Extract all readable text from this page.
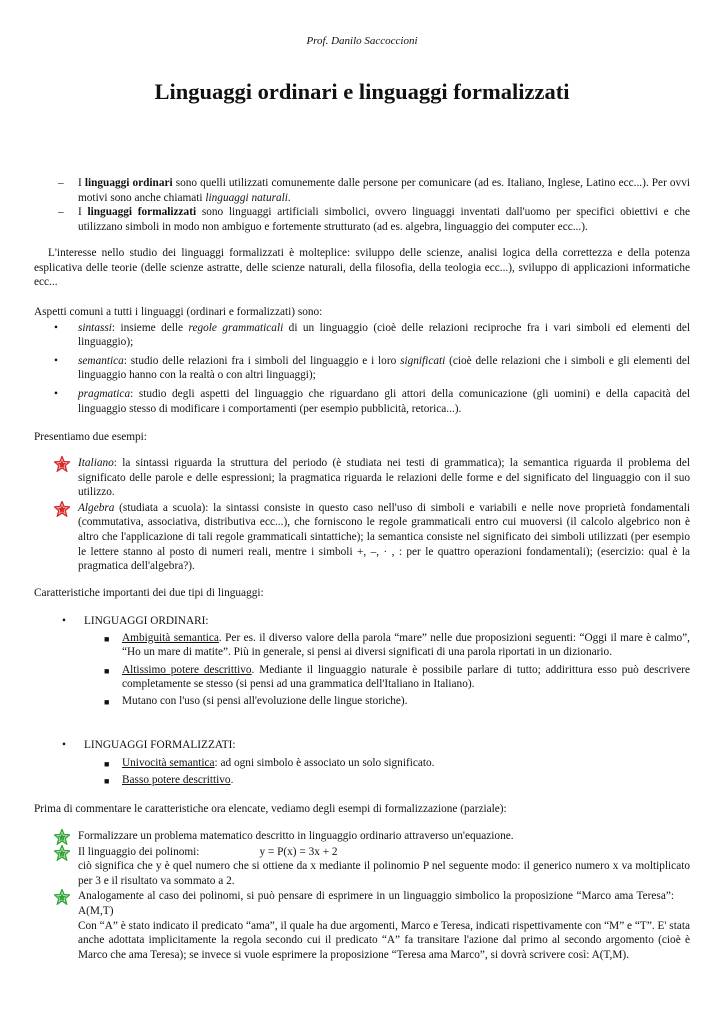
Prof. Danilo Saccoccioni
Linguaggi ordinari e linguaggi formalizzati
– I linguaggi ordinari sono quelli utilizzati comunemente dalle persone per comunicare (ad es. Italiano, Inglese, Latino ecc...). Per ovvi motivi sono anche chiamati linguaggi naturali.
– I linguaggi formalizzati sono linguaggi artificiali simbolici, ovvero linguaggi inventati dall'uomo per specifici obiettivi e che utilizzano simboli in modo non ambiguo e fortemente strutturato (ad es. algebra, linguaggio dei computer ecc...).
L'interesse nello studio dei linguaggi formalizzati è molteplice: sviluppo delle scienze, analisi logica della correttezza e della potenza esplicativa delle teorie (delle scienze astratte, delle scienze naturali, della filosofia, della teologia ecc...), sviluppo di applicazioni informatiche ecc...

Aspetti comuni a tutti i linguaggi (ordinari e formalizzati) sono:

• sintassi: insieme delle regole grammaticali di un linguaggio (cioè delle relazioni reciproche fra i vari simboli ed elementi del linguaggio);
• semantica: studio delle relazioni fra i simboli del linguaggio e i loro significati (cioè delle relazioni che i simboli e gli elementi del linguaggio hanno con la realtà o con altri linguaggi);
• pragmatica: studio degli aspetti del linguaggio che riguardano gli attori della comunicazione (gli uomini) e della capacità del linguaggio stesso di modificare i comportamenti (per esempio pubblicità, retorica...).
Presentiamo due esempi:
Italiano: la sintassi riguarda la struttura del periodo (è studiata nei testi di grammatica); la semantica riguarda il problema del significato delle parole e delle espressioni; la pragmatica riguarda le relazioni delle forme e del significato del linguaggio con il suo utilizzo.
Algebra (studiata a scuola): la sintassi consiste in questo caso nell'uso di simboli e variabili e nelle nove proprietà fondamentali (commutativa, associativa, distributiva ecc...), che forniscono le regole grammaticali entro cui muoversi (il calcolo algebrico non è altro che l'applicazione di tali regole grammaticali sintattiche); la semantica consiste nel significato dei simboli utilizzati (per esempio le lettere stanno al posto di numeri reali, mentre i simboli +, –, · , : per le quattro operazioni fondamentali); (esercizio: qual è la pragmatica dell'algebra?).
Caratteristiche importanti dei due tipi di linguaggi:
• LINGUAGGI ORDINARI:
■ Ambiguità semantica. Per es. il diverso valore della parola “mare” nelle due proposizioni seguenti: “Oggi il mare è calmo”, “Ho un mare di matite”. Più in generale, si pensi ai diversi significati di una parola riportati in un dizionario.
■ Altissimo potere descrittivo. Mediante il linguaggio naturale è possibile parlare di tutto; addirittura esso può descrivere completamente se stesso (si pensi ad una grammatica dell'Italiano in Italiano).
■ Mutano con l'uso (si pensi all'evoluzione delle lingue storiche).
• LINGUAGGI FORMALIZZATI:
■ Univocità semantica: ad ogni simbolo è associato un solo significato.
■ Basso potere descrittivo.
Prima di commentare le caratteristiche ora elencate, vediamo degli esempi di formalizzazione (parziale):
Formalizzare un problema matematico descritto in linguaggio ordinario attraverso un'equazione.
Il linguaggio dei polinomi:	y = P(x) = 3x + 2
ciò significa che y è quel numero che si ottiene da x mediante il polinomio P nel seguente modo: il generico numero x va moltiplicato per 3 e il risultato va sommato a 2.
Analogamente al caso dei polinomi, si può pensare di esprimere in un linguaggio simbolico la proposizione “Marco ama Teresa”:A(M,T)
Con “A” è stato indicato il predicato “ama”, il quale ha due argomenti, Marco e Teresa, indicati rispettivamente con “M” e “T”. E' stata anche adottata implicitamente la regola secondo cui il predicato “A” fa transitare l'azione dal primo al secondo argomento (cioè è Marco che ama Teresa); se invece si vuole esprimere la proposizione “Teresa ama Marco”, si dovrà scrivere così: A(T,M).
